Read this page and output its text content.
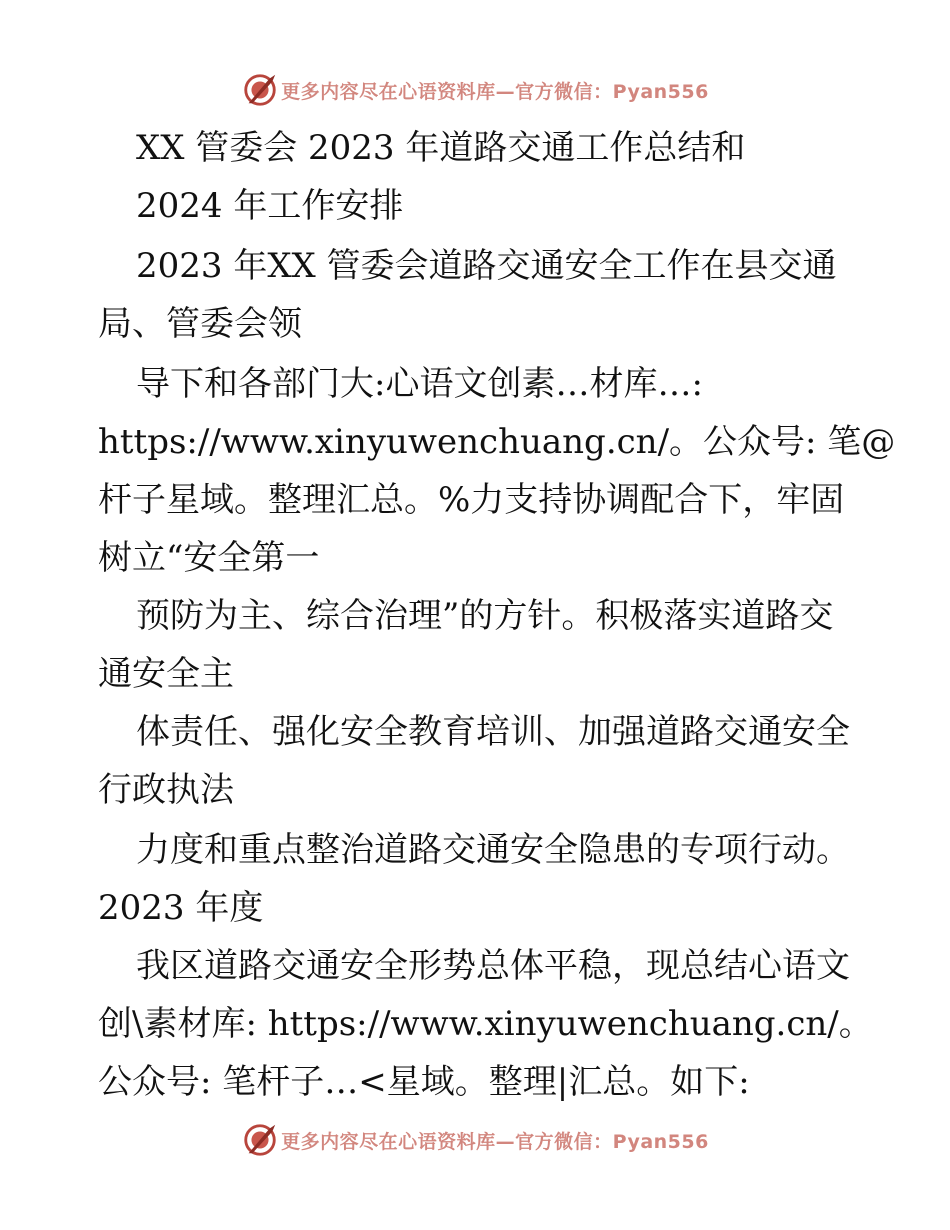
更多内容尽在心语资料库—官方微信：Pyan556
XX 管委会 2023 年道路交通工作总结和
2024 年工作安排
2023 年XX 管委会道路交通安全工作在县交通
局、管委会领
导下和各部门大:心语文创素…材库…:
https://www.xinyuwenchuang.cn/。公众号: 笔@
杆子星域。整理汇总。%力支持协调配合下，牢固
树立“安全第一
预防为主、综合治理”的方针。积极落实道路交
通安全主
体责任、强化安全教育培训、加强道路交通安全
行政执法
力度和重点整治道路交通安全隐患的专项行动。
2023 年度
我区道路交通安全形势总体平稳，现总结心语文
创\素材库: https://www.xinyuwenchuang.cn/。
公众号: 笔杆子…<星域。整理|汇总。如下:
更多内容尽在心语资料库—官方微信：Pyan556
